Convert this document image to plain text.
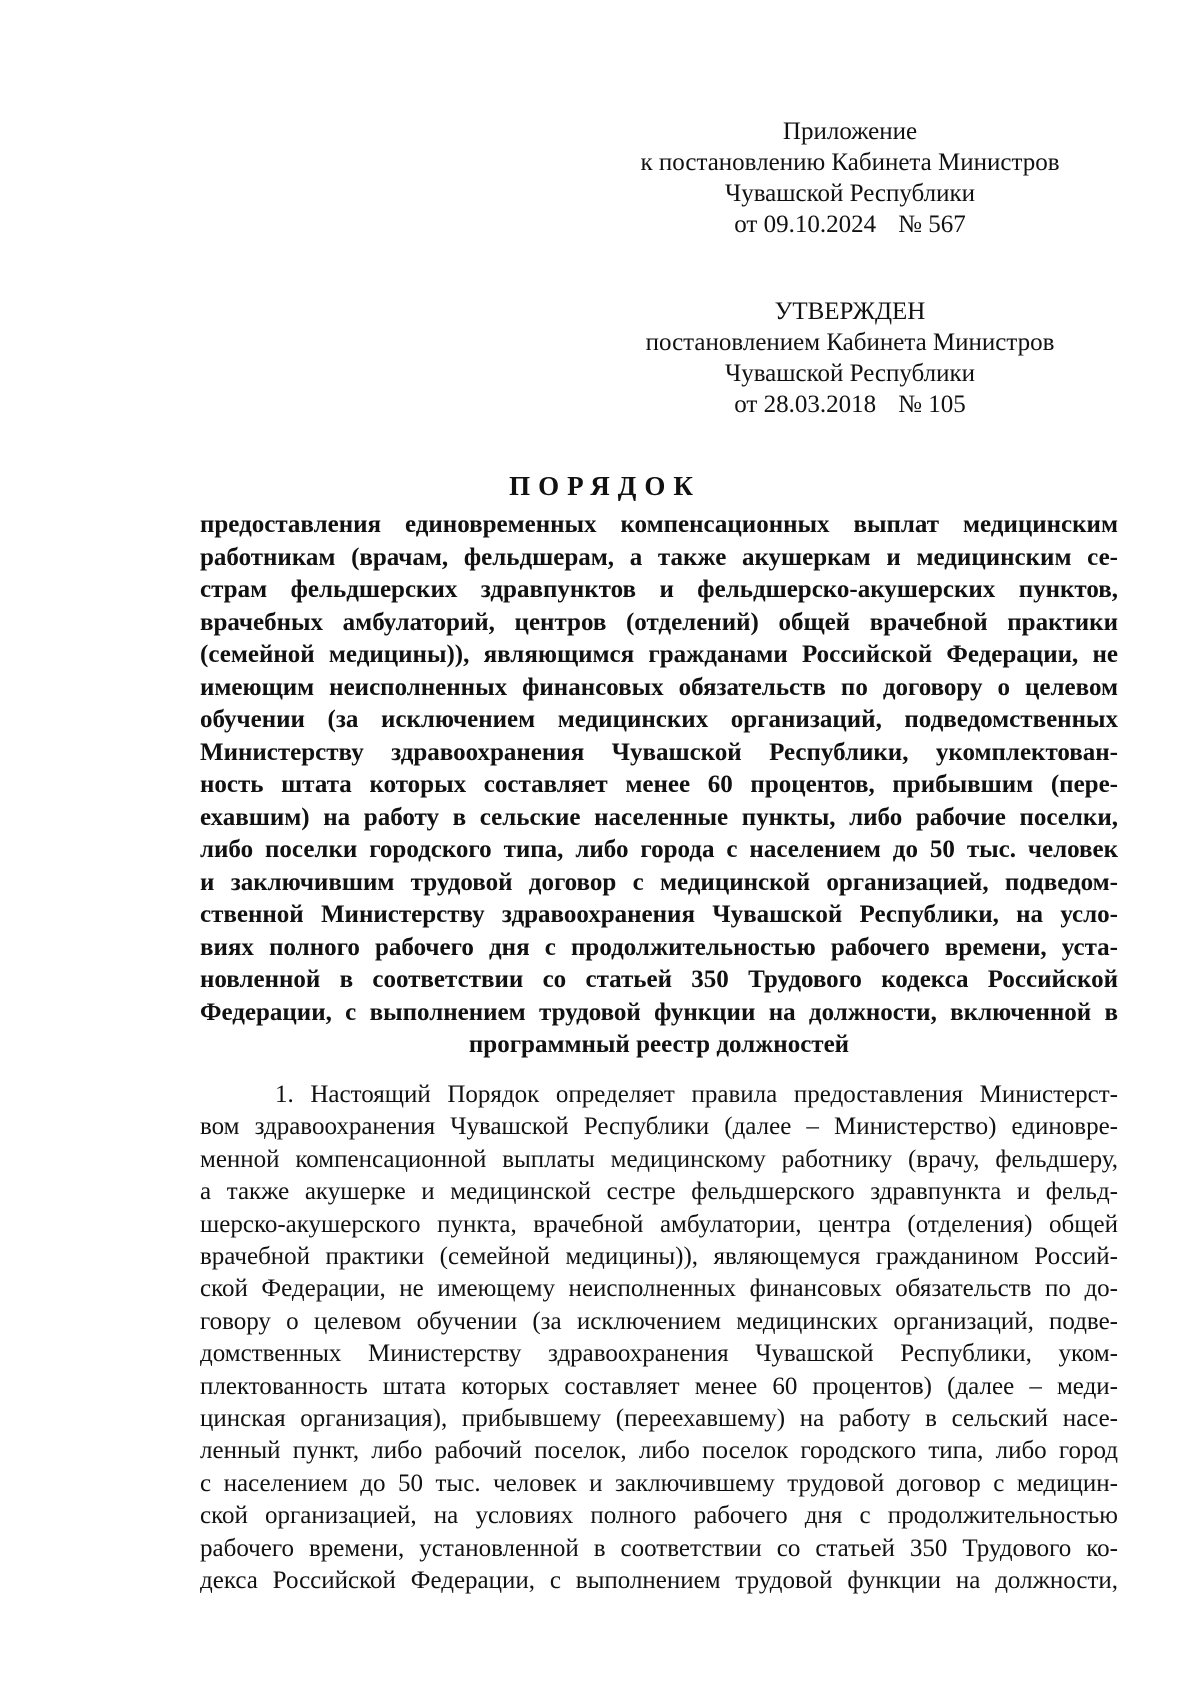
Приложение
к постановлению Кабинета Министров
Чувашской Республики
от 09.10.2024 № 567
УТВЕРЖДЕН
постановлением Кабинета Министров
Чувашской Республики
от 28.03.2018 № 105
ПОРЯДОК
предоставления единовременных компенсационных выплат медицинским
работникам (врачам, фельдшерам, а также акушеркам и медицинским се-
страм фельдшерских здравпунктов и фельдшерско-акушерских пунктов,
врачебных амбулаторий, центров (отделений) общей врачебной практики
(семейной медицины)), являющимся гражданами Российской Федерации, не
имеющим неисполненных финансовых обязательств по договору о целевом
обучении (за исключением медицинских организаций, подведомственных
Министерству здравоохранения Чувашской Республики, укомплектован-
ность штата которых составляет менее 60 процентов, прибывшим (пере-
ехавшим) на работу в сельские населенные пункты, либо рабочие поселки,
либо поселки городского типа, либо города с населением до 50 тыс. человек
и заключившим трудовой договор с медицинской организацией, подведом-
ственной Министерству здравоохранения Чувашской Республики, на усло-
виях полного рабочего дня с продолжительностью рабочего времени, уста-
новленной в соответствии со статьей 350 Трудового кодекса Российской
Федерации, с выполнением трудовой функции на должности, включенной в
программный реестр должностей
1. Настоящий Порядок определяет правила предоставления Министерст-
вом здравоохранения Чувашской Республики (далее – Министерство) единовре-
менной компенсационной выплаты медицинскому работнику (врачу, фельдшеру,
а также акушерке и медицинской сестре фельдшерского здравпункта и фельд-
шерско-акушерского пункта, врачебной амбулатории, центра (отделения) общей
врачебной практики (семейной медицины)), являющемуся гражданином Россий-
ской Федерации, не имеющему неисполненных финансовых обязательств по до-
говору о целевом обучении (за исключением медицинских организаций, подве-
домственных Министерству здравоохранения Чувашской Республики, уком-
плектованность штата которых составляет менее 60 процентов) (далее – меди-
цинская организация), прибывшему (переехавшему) на работу в сельский насе-
ленный пункт, либо рабочий поселок, либо поселок городского типа, либо город
с населением до 50 тыс. человек и заключившему трудовой договор с медицин-
ской организацией, на условиях полного рабочего дня с продолжительностью
рабочего времени, установленной в соответствии со статьей 350 Трудового ко-
декса Российской Федерации, с выполнением трудовой функции на должности,
